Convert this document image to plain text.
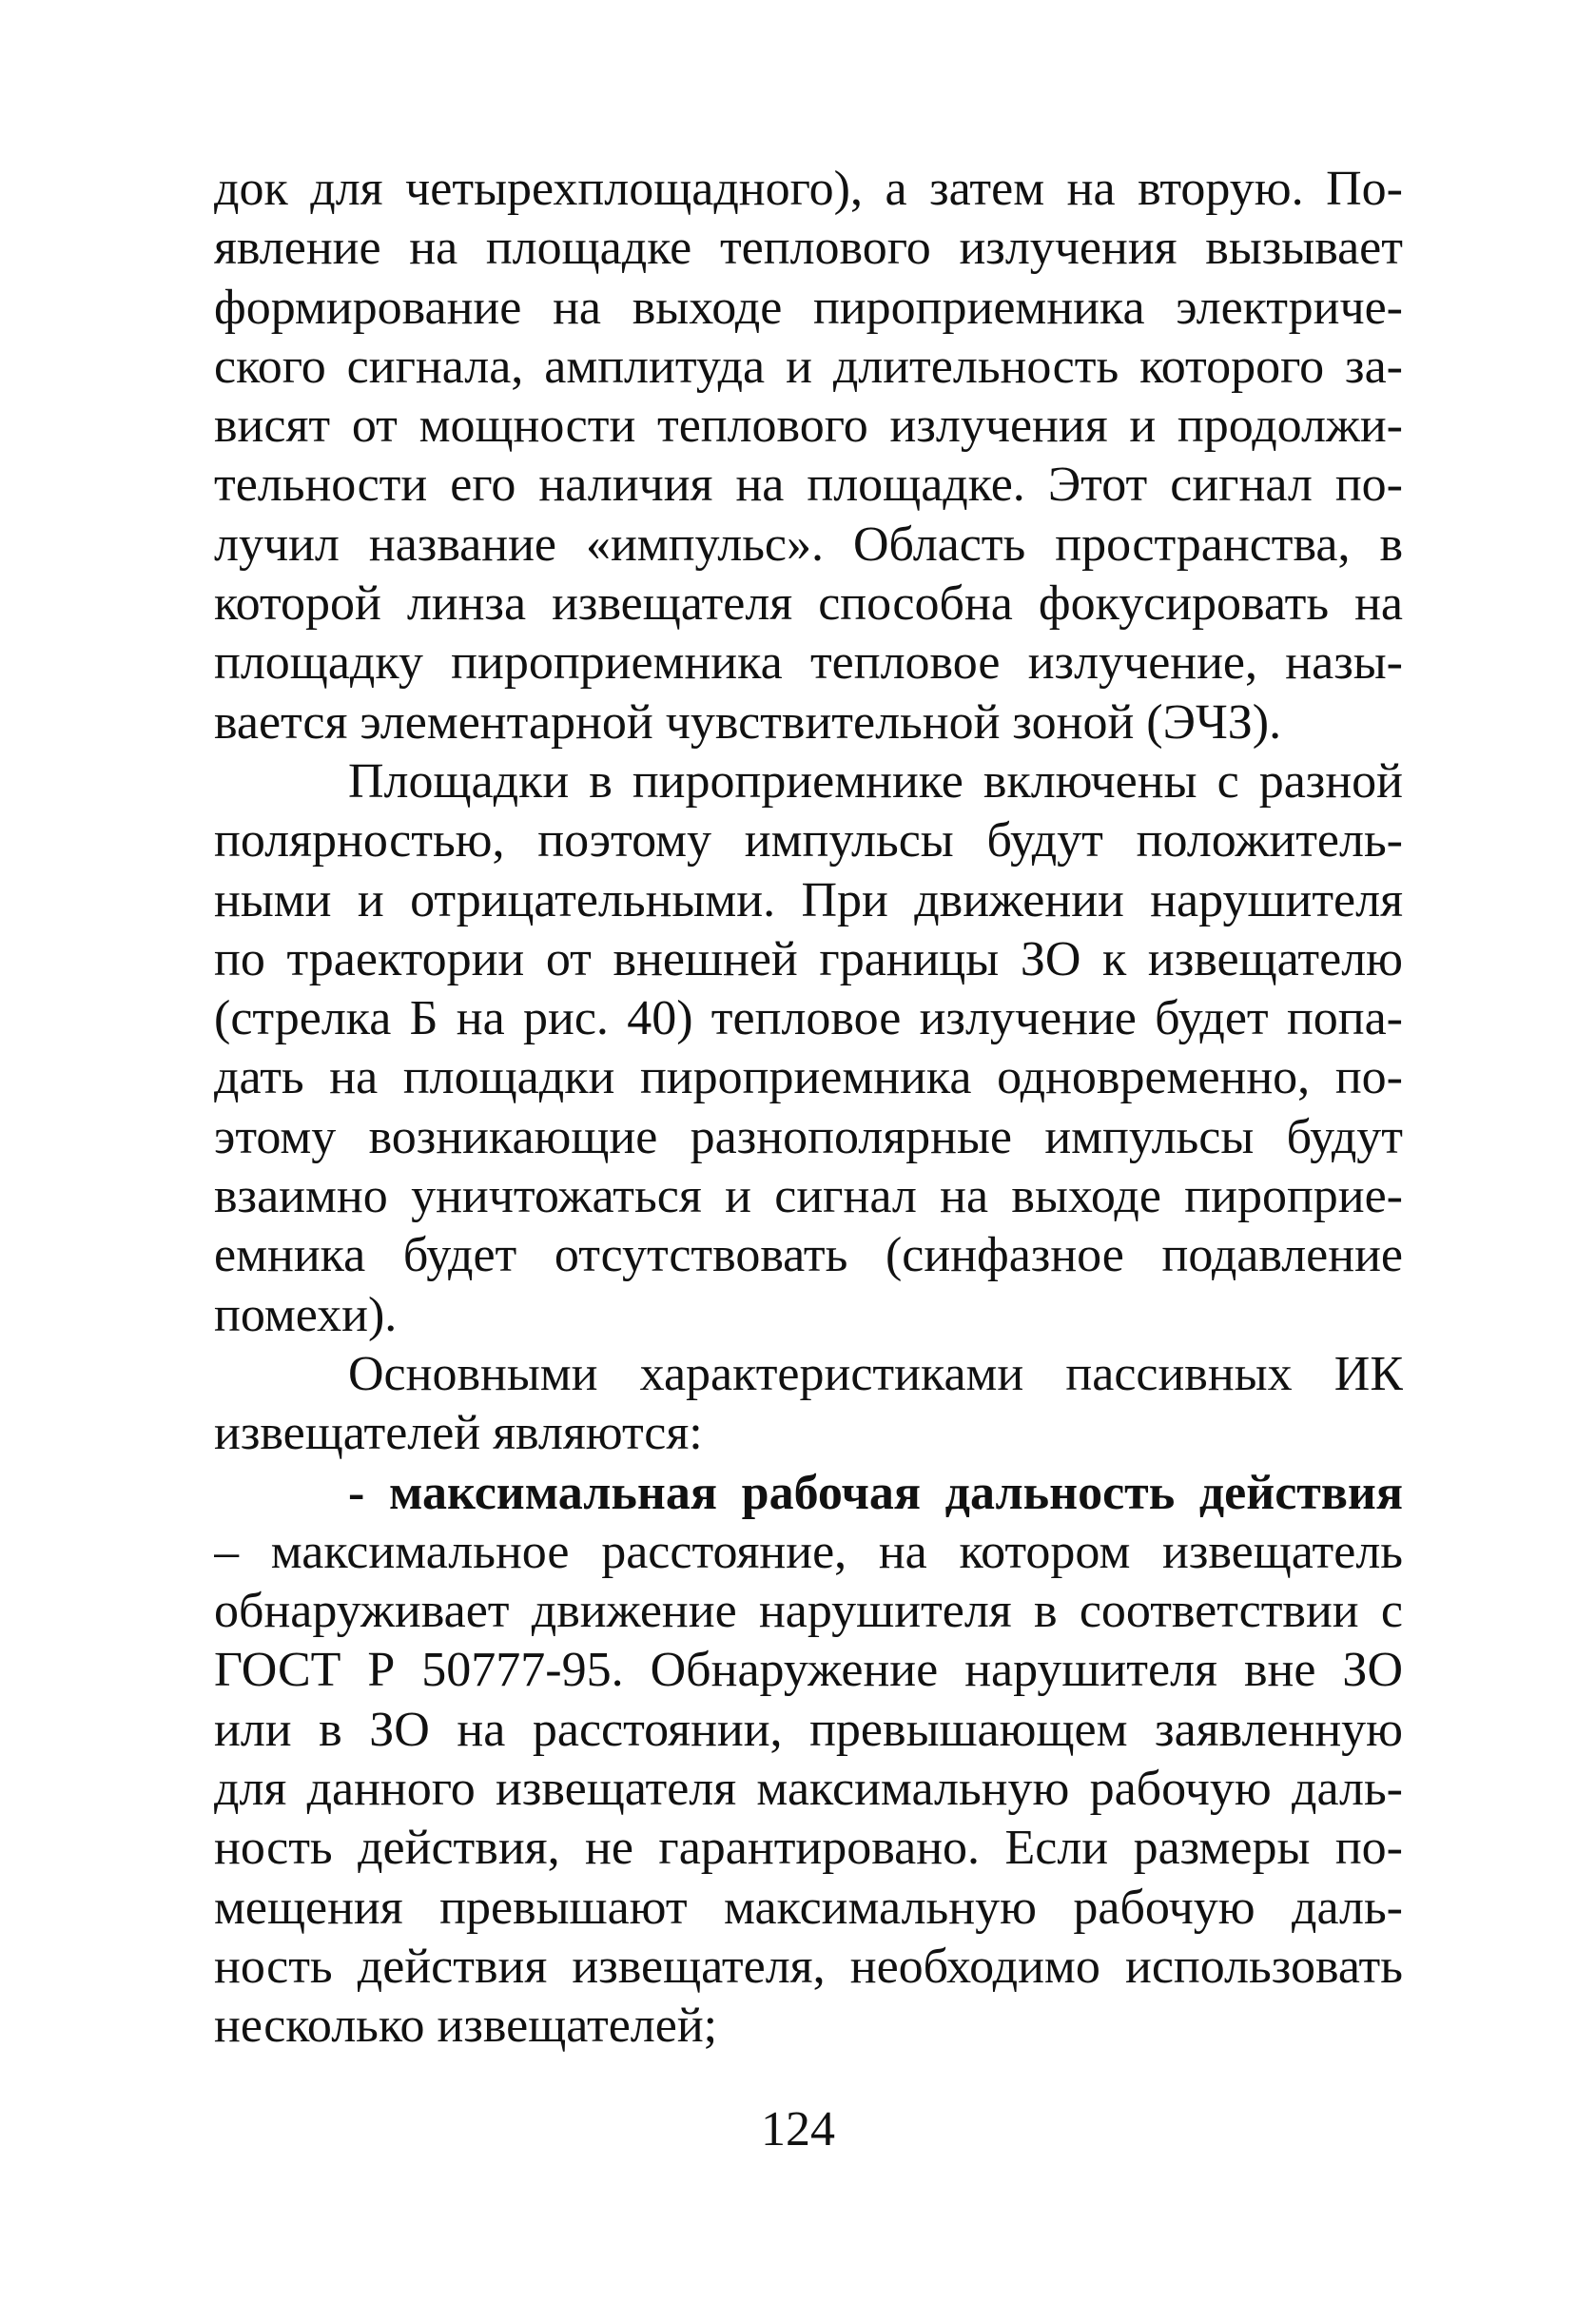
док для четырехплощадного), а затем на вторую. По-
явление на площадке теплового излучения вызывает
формирование на выходе пироприемника электриче-
ского сигнала, амплитуда и длительность которого за-
висят от мощности теплового излучения и продолжи-
тельности его наличия на площадке. Этот сигнал по-
лучил название «импульс». Область пространства, в
которой линза извещателя способна фокусировать на
площадку пироприемника тепловое излучение, назы-
вается элементарной чувствительной зоной (ЭЧЗ).
Площадки в пироприемнике включены с разной
полярностью, поэтому импульсы будут положитель-
ными и отрицательными. При движении нарушителя
по траектории от внешней границы ЗО к извещателю
(стрелка Б на рис. 40) тепловое излучение будет попа-
дать на площадки пироприемника одновременно, по-
этому возникающие разнополярные импульсы будут
взаимно уничтожаться и сигнал на выходе пироприе-
емника будет отсутствовать (синфазное подавление
помехи).
Основными характеристиками пассивных ИК
извещателей являются:
- максимальная рабочая дальность действия
– максимальное расстояние, на котором извещатель
обнаруживает движение нарушителя в соответствии с
ГОСТ Р 50777-95. Обнаружение нарушителя вне ЗО
или в ЗО на расстоянии, превышающем заявленную
для данного извещателя максимальную рабочую даль-
ность действия, не гарантировано. Если размеры по-
мещения превышают максимальную рабочую даль-
ность действия извещателя, необходимо использовать
несколько извещателей;
124
